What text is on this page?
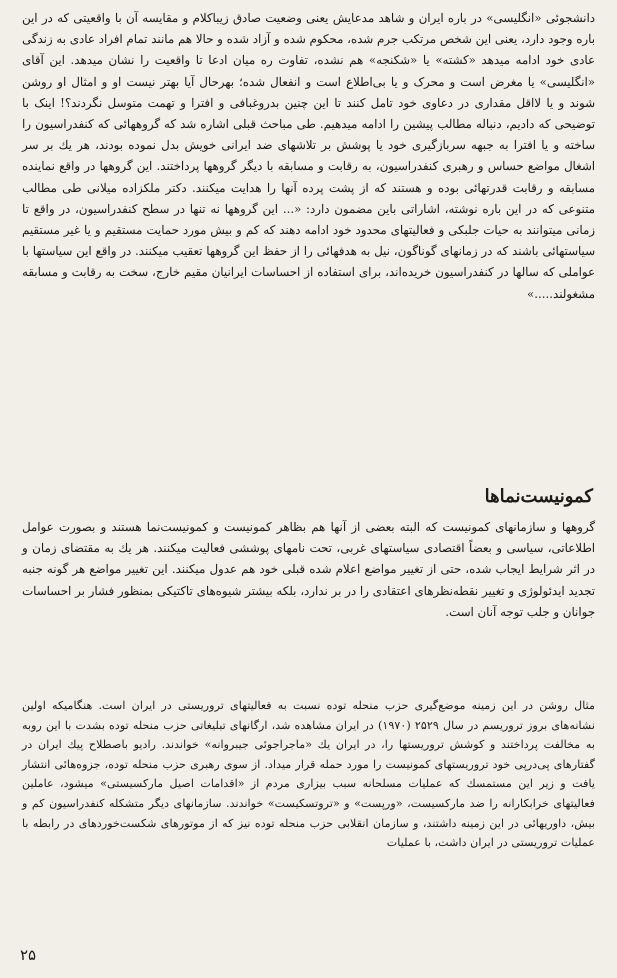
دانشجوئی «انگلیسی» در باره ایران و شاهد مدعایش یعنی وضعیت صادق زیباکلام و مقایسه آن با واقعیتی که در این باره وجود دارد، یعنی این شخص مرتکب جرم شده، محکوم شده و آزاد شده و حالا هم مانند تمام افراد عادی به زندگی عادی خود ادامه میدهد «کشته» یا «شکنجه» هم نشده، تفاوت ره میان ادعا تا واقعیت را نشان میدهد. این آقای «انگلیسی» یا مغرض است و محرک و یا بی‌اطلاع است و انفعال شده؛ بهرحال آیا بهتر نیست او و امثال او روشن شوند و یا لااقل مقداری در دعاوی خود تامل کنند تا این چنین بدروغبافی و افترا و تهمت متوسل نگردند؟! اینک با توضیحی که دادیم، دنباله مطالب پیشین را ادامه میدهیم. طی مباحث قبلی اشاره شد که گروههائی که کنفدراسیون را ساخته و یا افترا به جبهه سربازگیری خود یا پوشش بر تلاشهای ضد ایرانی خویش بدل نموده بودند، هر یك بر سر اشغال مواضع حساس و رهبری کنفدراسیون، به رقابت و مسابقه با دیگر گروهها پرداختند. این گروهها در واقع نماینده مسابقه و رقابت قدرتهائی بوده و هستند که از پشت پرده آنها را هدایت میکنند. دکتر ملکزاده میلانی طی مطالب متنوعی که در این باره نوشته، اشاراتی باین مضمون دارد: «... این گروهها نه تنها در سطح کنفدراسیون، در واقع تا زمانی میتوانند به حیات جلبکی و فعالیتهای محدود خود ادامه دهند که کم و بیش مورد حمایت مستقیم و یا غیر مستقیم سیاستهائی باشند که در زمانهای گوناگون، نیل به هدفهائی را از حفظ این گروهها تعقیب میکنند. در واقع این سیاستها با عواملی که سالها در کنفدراسیون خریده‌اند، برای استفاده از احساسات ایرانیان مقیم خارج، سخت به رقابت و مسابقه مشغولند.....»

کمونیست‌نماها

گروهها و سازمانهای کمونیست که البته بعضی از آنها هم بظاهر کمونیست و کمونیست‌نما هستند و بصورت عوامل اطلاعاتی، سیاسی و بعضاً اقتصادی سیاستهای غربی، تحت نامهای پوششی فعالیت میکنند. هر یك به مقتضای زمان و در اثر شرایط ایجاب شده، حتی از تغییر مواضع اعلام شده قبلی خود هم عدول میکنند. این تغییر مواضع هر گونه جنبه تجدید ایدئولوژی و تغییر نقطه‌نظرهای اعتقادی را در بر ندارد، بلکه بیشتر شیوه‌های تاکتیکی بمنظور فشار بر احساسات جوانان و جلب توجه آنان است.

مثال روشن در این زمینه موضع‌گیری حزب منحله توده نسبت به فعالیتهای تروریستی در ایران است. هنگامیکه اولین نشانه‌های بروز تروریسم در سال ۲۵۲۹ (۱۹۷۰) در ایران مشاهده شد، ارگانهای تبلیغاتی حزب منحله توده بشدت با این روبه به مخالفت پرداختند و کوشش تروریستها را، در ایران یك «ماجراجوئی جیبروانه» خواندند. رادیو باصطلاح پیك ایران در گفتارهای پی‌درپی خود تروریستهای کمونیست را مورد حمله قرار میداد. از سوی رهبری حزب منحله توده، جزوه‌هائی انتشار یافت و زیر این مستمسك که عملیات مسلحانه سبب بیزاری مردم از «اقدامات اصیل مارکسیستی» میشود، عاملین فعالیتهای خرابکارانه را ضد مارکسیست، «ورپست» و «تروتسکیست» خواندند. سازمانهای دیگر متشکله کنفدراسیون کم و بیش، داوریهائی در این زمینه داشتند، و سازمان انقلابی حزب منحله توده نیز که از موتورهای شکست‌خوردهای در رابطه با عملیات تروریستی در ایران داشت، با عملیات

۲۵
